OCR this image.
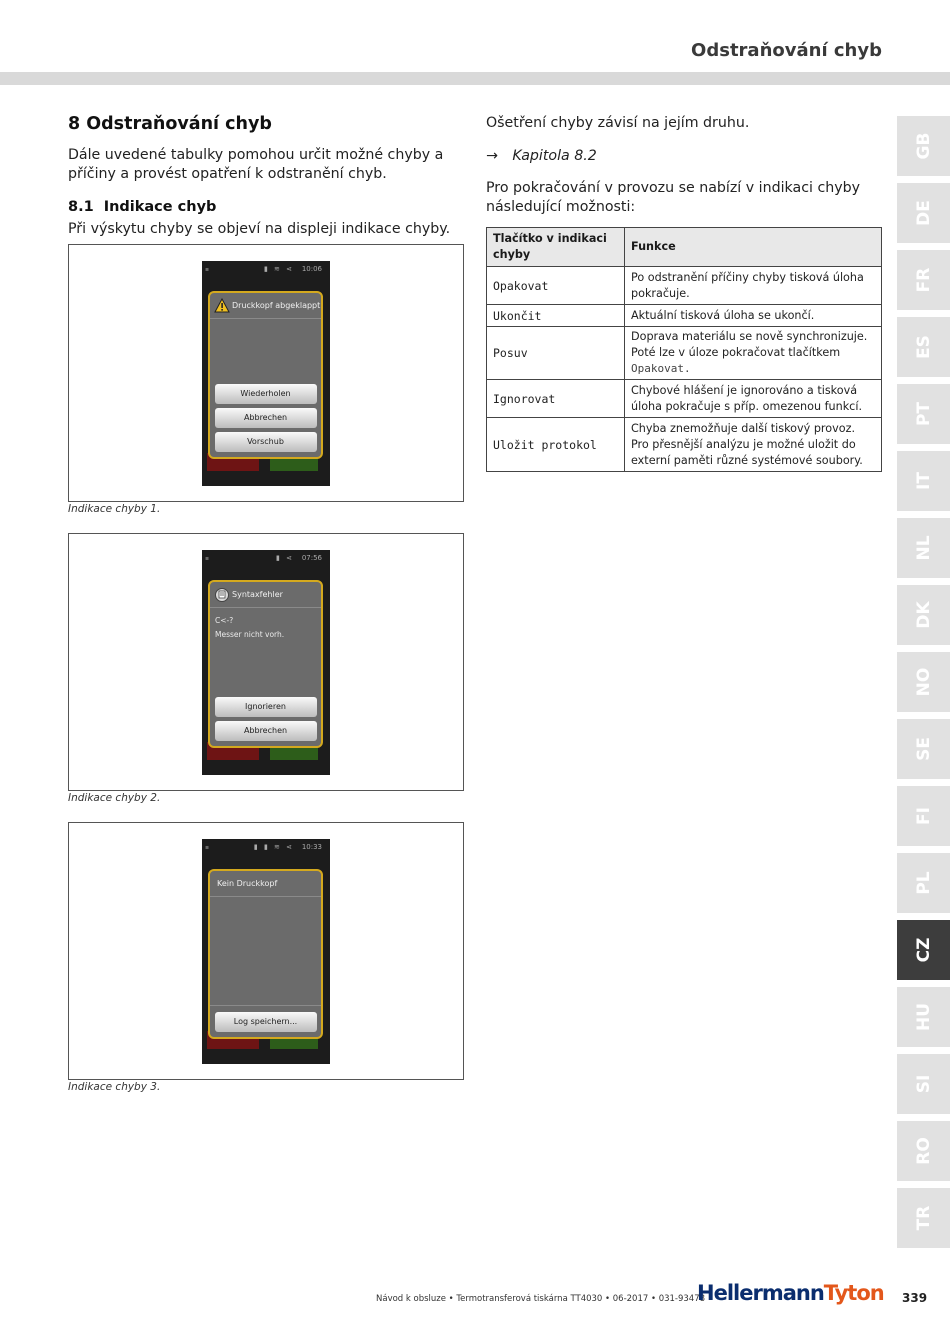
Odstraňování chyb
GB
DE
FR
ES
PT
IT
NL
DK
NO
SE
FI
PL
CZ
HU
SI
RO
TR
8 Odstraňování chyb

Dále uvedené tabulky pomohou určit možné chyby a příčiny a provést opatření k odstranění chyb.

8.1 Indikace chyb

Při výskytu chyby se objeví na displeji indikace chyby.

▪	▮ ≋ ⋖ 10:06
Druckkopf abgeklappt
Wiederholen
Abbrechen
Vorschub
Indikace chyby 1.
▪	▮ ⋖ 07:56
Syntaxfehler
C<-?
Messer nicht vorh.
Ignorieren
Abbrechen
Indikace chyby 2.
▪	▮ ▮ ≋ ⋖ 10:33
Kein Druckkopf
Log speichern...
Indikace chyby 3.

Ošetření chyby závisí na jejím druhu.

→ Kapitola 8.2

Pro pokračování v provozu se nabízí v indikaci chyby následující možnosti:

Tlačítko v indikaci chyby	Funkce
Opakovat	Po odstranění příčiny chyby tisková úloha pokračuje.
Ukončit	Aktuální tisková úloha se ukončí.
Posuv	Doprava materiálu se nově synchronizuje. Poté lze v úloze pokračovat tlačítkem Opakovat.
Ignorovat	Chybové hlášení je ignorováno a tisková úloha pokračuje s příp. omezenou funkcí.
Uložit protokol	Chyba znemožňuje další tiskový provoz.
Pro přesnější analýzu je možné uložit do externí paměti různé systémové soubory.
Návod k obsluze • Termotransferová tiskárna TT4030 • 06-2017 • 031-93478
HellermannTyton 339
